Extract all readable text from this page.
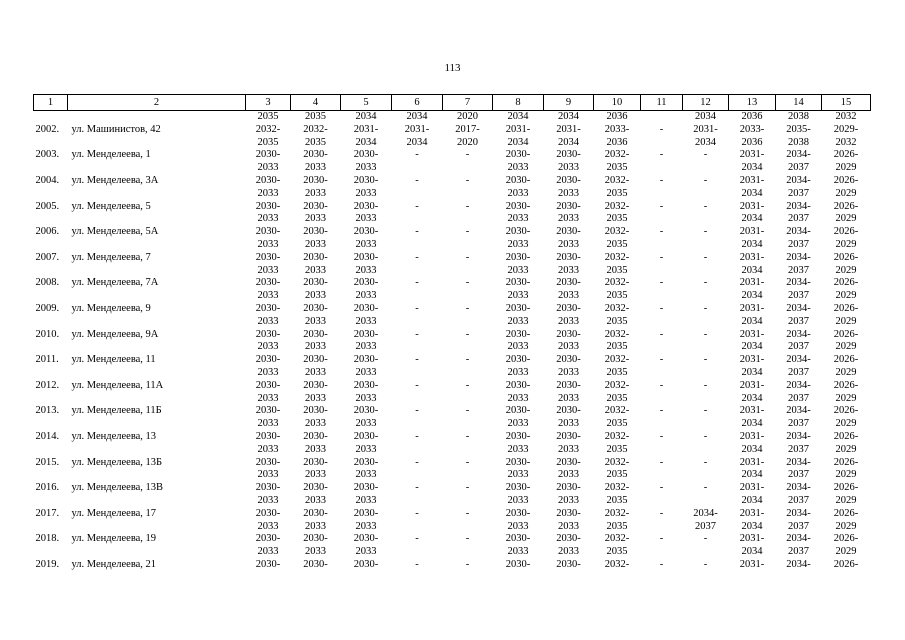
113
1	2	3	4	5	6	7	8	9	10	11	12	13	14	15
		2035	2035	2034	2034	2020	2034	2034	2036		2034	2036	2038	2032
2002.	ул. Машинистов, 42	2032-	2032-	2031-	2031-	2017-	2031-	2031-	2033-	-	2031-	2033-	2035-	2029-
		2035	2035	2034	2034	2020	2034	2034	2036		2034	2036	2038	2032
2003.	ул. Менделеева, 1	2030-	2030-	2030-	-	-	2030-	2030-	2032-	-	-	2031-	2034-	2026-
		2033	2033	2033			2033	2033	2035			2034	2037	2029
2004.	ул. Менделеева, 3А	2030-	2030-	2030-	-	-	2030-	2030-	2032-	-	-	2031-	2034-	2026-
		2033	2033	2033			2033	2033	2035			2034	2037	2029
2005.	ул. Менделеева, 5	2030-	2030-	2030-	-	-	2030-	2030-	2032-	-	-	2031-	2034-	2026-
		2033	2033	2033			2033	2033	2035			2034	2037	2029
2006.	ул. Менделеева, 5А	2030-	2030-	2030-	-	-	2030-	2030-	2032-	-	-	2031-	2034-	2026-
		2033	2033	2033			2033	2033	2035			2034	2037	2029
2007.	ул. Менделеева, 7	2030-	2030-	2030-	-	-	2030-	2030-	2032-	-	-	2031-	2034-	2026-
		2033	2033	2033			2033	2033	2035			2034	2037	2029
2008.	ул. Менделеева, 7А	2030-	2030-	2030-	-	-	2030-	2030-	2032-	-	-	2031-	2034-	2026-
		2033	2033	2033			2033	2033	2035			2034	2037	2029
2009.	ул. Менделеева, 9	2030-	2030-	2030-	-	-	2030-	2030-	2032-	-	-	2031-	2034-	2026-
		2033	2033	2033			2033	2033	2035			2034	2037	2029
2010.	ул. Менделеева, 9А	2030-	2030-	2030-	-	-	2030-	2030-	2032-	-	-	2031-	2034-	2026-
		2033	2033	2033			2033	2033	2035			2034	2037	2029
2011.	ул. Менделеева, 11	2030-	2030-	2030-	-	-	2030-	2030-	2032-	-	-	2031-	2034-	2026-
		2033	2033	2033			2033	2033	2035			2034	2037	2029
2012.	ул. Менделеева, 11А	2030-	2030-	2030-	-	-	2030-	2030-	2032-	-	-	2031-	2034-	2026-
		2033	2033	2033			2033	2033	2035			2034	2037	2029
2013.	ул. Менделеева, 11Б	2030-	2030-	2030-	-	-	2030-	2030-	2032-	-	-	2031-	2034-	2026-
		2033	2033	2033			2033	2033	2035			2034	2037	2029
2014.	ул. Менделеева, 13	2030-	2030-	2030-	-	-	2030-	2030-	2032-	-	-	2031-	2034-	2026-
		2033	2033	2033			2033	2033	2035			2034	2037	2029
2015.	ул. Менделеева, 13Б	2030-	2030-	2030-	-	-	2030-	2030-	2032-	-	-	2031-	2034-	2026-
		2033	2033	2033			2033	2033	2035			2034	2037	2029
2016.	ул. Менделеева, 13В	2030-	2030-	2030-	-	-	2030-	2030-	2032-	-	-	2031-	2034-	2026-
		2033	2033	2033			2033	2033	2035			2034	2037	2029
2017.	ул. Менделеева, 17	2030-	2030-	2030-	-	-	2030-	2030-	2032-	-	2034-	2031-	2034-	2026-
		2033	2033	2033			2033	2033	2035		2037	2034	2037	2029
2018.	ул. Менделеева, 19	2030-	2030-	2030-	-	-	2030-	2030-	2032-	-	-	2031-	2034-	2026-
		2033	2033	2033			2033	2033	2035			2034	2037	2029
2019.	ул. Менделеева, 21	2030-	2030-	2030-	-	-	2030-	2030-	2032-	-	-	2031-	2034-	2026-
